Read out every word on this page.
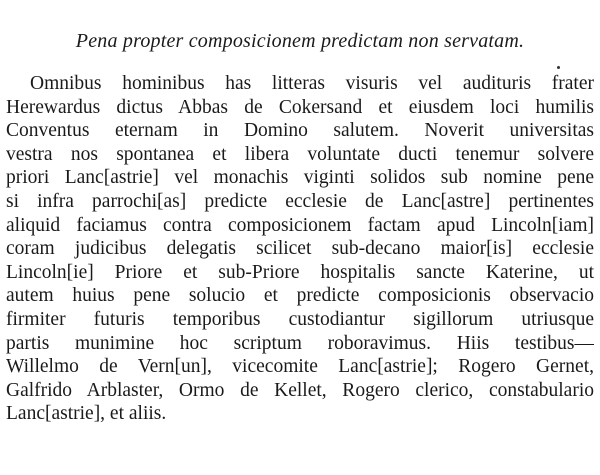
Pena propter composicionem predictam non servatam.
Omnibus hominibus has litteras visuris vel audituris frater
Herewardus dictus Abbas de Cokersand et eiusdem loci humilis
Conventus eternam in Domino salutem. Noverit universitas
vestra nos spontanea et libera voluntate ducti tenemur solvere
priori Lanc[astrie] vel monachis viginti solidos sub nomine pene
si infra parrochi[as] predicte ecclesie de Lanc[astre] pertinentes
aliquid faciamus contra composicionem factam apud Lincoln[iam]
coram judicibus delegatis scilicet sub-decano maior[is] ecclesie
Lincoln[ie] Priore et sub-Priore hospitalis sancte Katerine, ut
autem huius pene solucio et predicte composicionis observacio
firmiter futuris temporibus custodiantur sigillorum utriusque
partis munimine hoc scriptum roboravimus. Hiis testibus—
Willelmo de Vern[un], vicecomite Lanc[astrie]; Rogero Gernet,
Galfrido Arblaster, Ormo de Kellet, Rogero clerico, constabulario
Lanc[astrie], et aliis.
